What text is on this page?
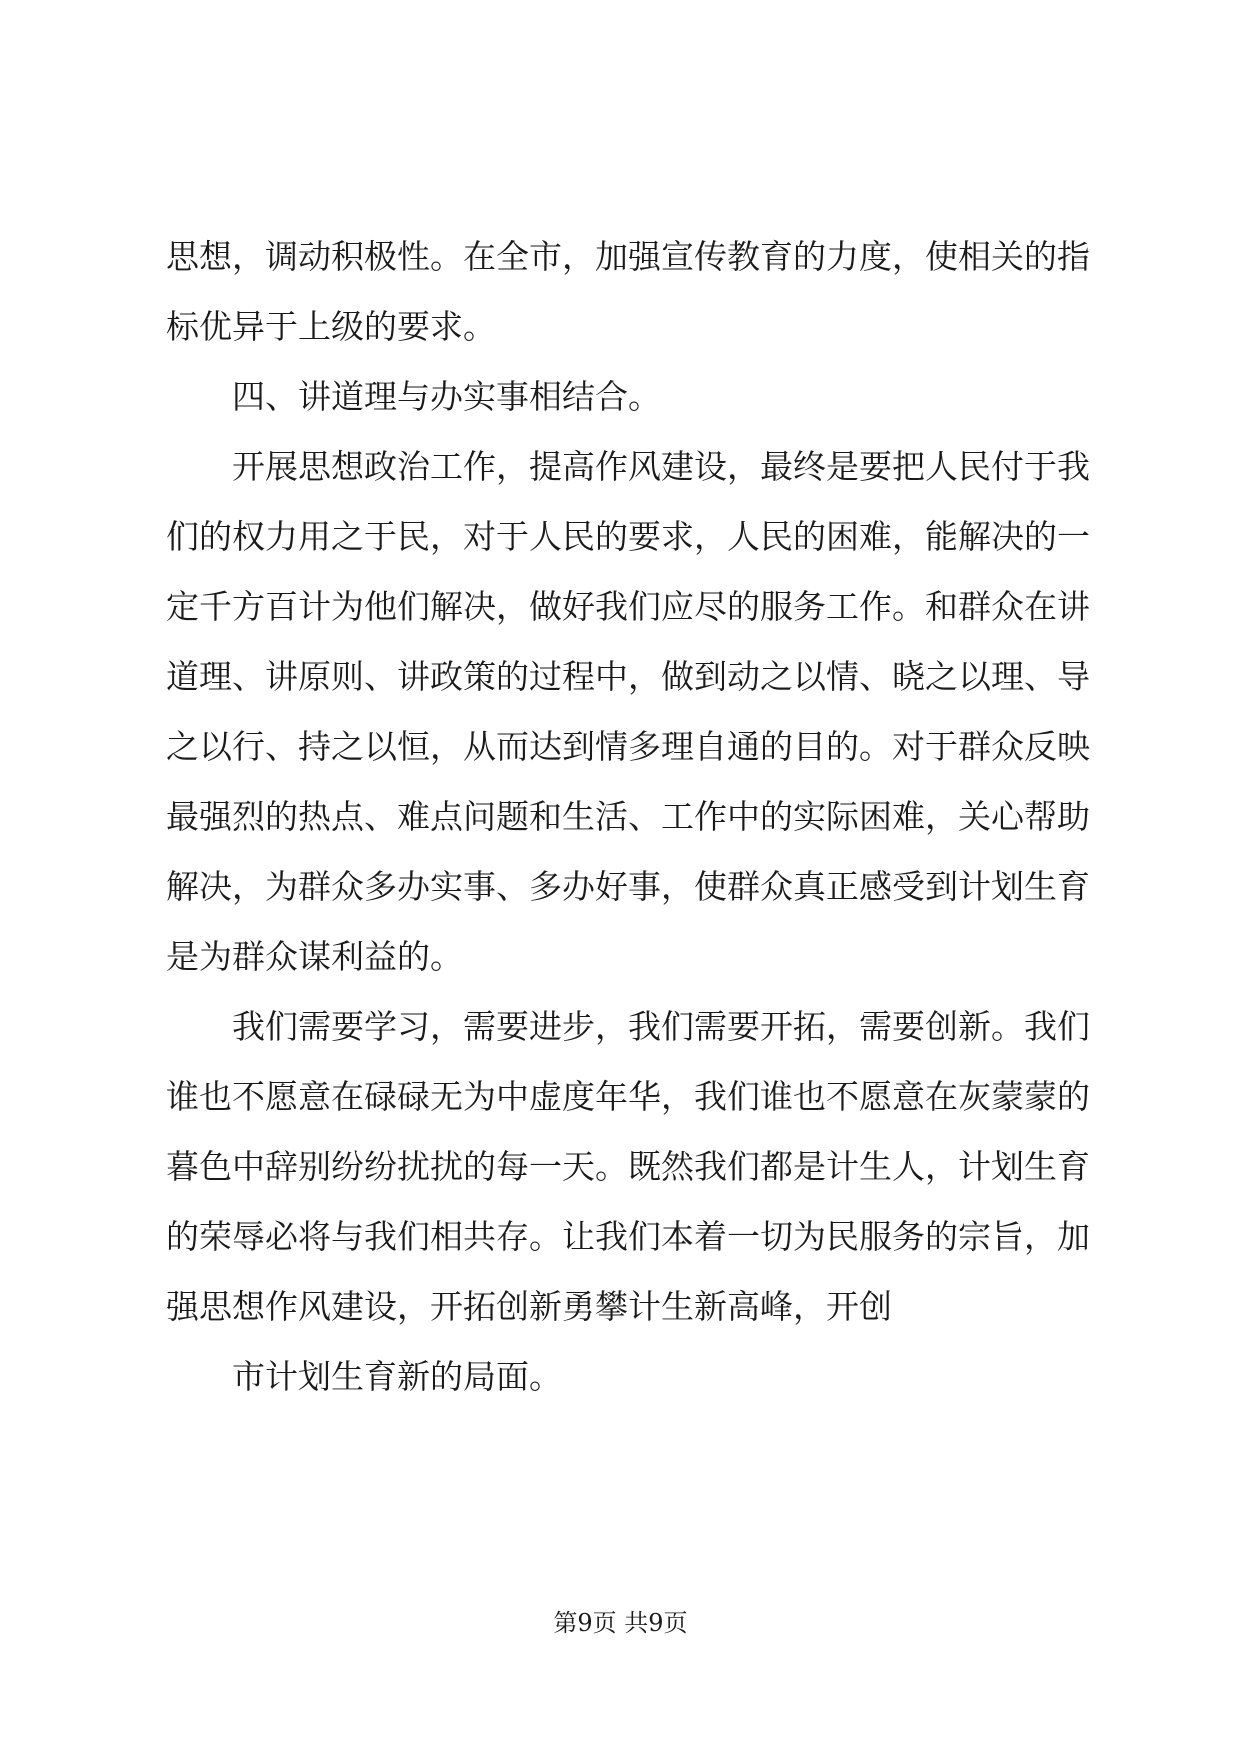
思想，调动积极性。在全市，加强宣传教育的力度，使相关的指
标优异于上级的要求。
四、讲道理与办实事相结合。
开展思想政治工作，提高作风建设，最终是要把人民付于我
们的权力用之于民，对于人民的要求，人民的困难，能解决的一
定千方百计为他们解决，做好我们应尽的服务工作。和群众在讲
道理、讲原则、讲政策的过程中，做到动之以情、晓之以理、导
之以行、持之以恒，从而达到情多理自通的目的。对于群众反映
最强烈的热点、难点问题和生活、工作中的实际困难，关心帮助
解决，为群众多办实事、多办好事，使群众真正感受到计划生育
是为群众谋利益的。
我们需要学习，需要进步，我们需要开拓，需要创新。我们
谁也不愿意在碌碌无为中虚度年华，我们谁也不愿意在灰蒙蒙的
暮色中辞别纷纷扰扰的每一天。既然我们都是计生人，计划生育
的荣辱必将与我们相共存。让我们本着一切为民服务的宗旨，加
强思想作风建设，开拓创新勇攀计生新高峰，开创
市计划生育新的局面。
第9页 共9页
